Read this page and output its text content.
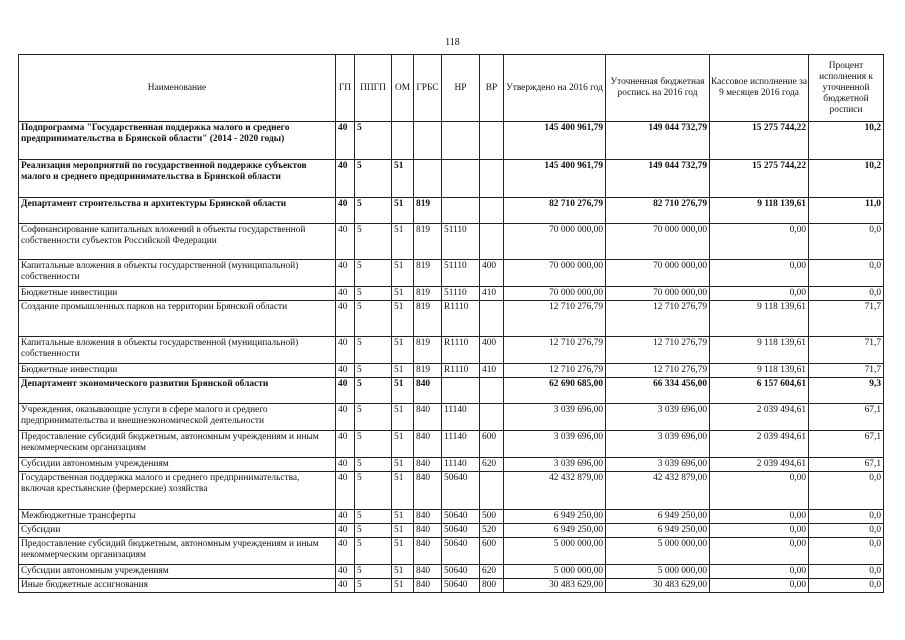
118
Наименование	ГП	ППГП	ОМ	ГРБС	НР	ВР	Утверждено на 2016 год	Уточненная бюджетная роспись на 2016 год	Кассовое исполнение за 9 месяцев 2016 года	Процент исполнения к уточненной бюджетной росписи
Подпрограмма "Государственная поддержка малого и среднего предпринимательства в Брянской области" (2014 - 2020 годы)	40	5					145 400 961,79	149 044 732,79	15 275 744,22	10,2
Реализация мероприятий по государственной поддержке субъектов малого и среднего предпринимательства в Брянской области	40	5	51				145 400 961,79	149 044 732,79	15 275 744,22	10,2
Департамент строительства и архитектуры Брянской области	40	5	51	819			82 710 276,79	82 710 276,79	9 118 139,61	11,0
Софинансирование капитальных вложений в объекты государственной собственности субъектов Российской Федерации	40	5	51	819	51110		70 000 000,00	70 000 000,00	0,00	0,0
Капитальные вложения в объекты государственной (муниципальной) собственности	40	5	51	819	51110	400	70 000 000,00	70 000 000,00	0,00	0,0
Бюджетные инвестиции	40	5	51	819	51110	410	70 000 000,00	70 000 000,00	0,00	0,0
Создание промышленных парков на территории Брянской области	40	5	51	819	R1110		12 710 276,79	12 710 276,79	9 118 139,61	71,7
Капитальные вложения в объекты государственной (муниципальной) собственности	40	5	51	819	R1110	400	12 710 276,79	12 710 276,79	9 118 139,61	71,7
Бюджетные инвестиции	40	5	51	819	R1110	410	12 710 276,79	12 710 276,79	9 118 139,61	71,7
Департамент экономического развития Брянской области	40	5	51	840			62 690 685,00	66 334 456,00	6 157 604,61	9,3
Учреждения, оказывающие услуги в сфере малого и среднего предпринимательства и внешнеэкономической деятельности	40	5	51	840	11140		3 039 696,00	3 039 696,00	2 039 494,61	67,1
Предоставление субсидий бюджетным, автономным учреждениям и иным некоммерческим организациям	40	5	51	840	11140	600	3 039 696,00	3 039 696,00	2 039 494,61	67,1
Субсидии автономным учреждениям	40	5	51	840	11140	620	3 039 696,00	3 039 696,00	2 039 494,61	67,1
Государственная поддержка малого и среднего предпринимательства, включая крестьянские (фермерские) хозяйства	40	5	51	840	50640		42 432 879,00	42 432 879,00	0,00	0,0
Межбюджетные трансферты	40	5	51	840	50640	500	6 949 250,00	6 949 250,00	0,00	0,0
Субсидии	40	5	51	840	50640	520	6 949 250,00	6 949 250,00	0,00	0,0
Предоставление субсидий бюджетным, автономным учреждениям и иным некоммерческим организациям	40	5	51	840	50640	600	5 000 000,00	5 000 000,00	0,00	0,0
Субсидии автономным учреждениям	40	5	51	840	50640	620	5 000 000,00	5 000 000,00	0,00	0,0
Иные бюджетные ассигнования	40	5	51	840	50640	800	30 483 629,00	30 483 629,00	0,00	0,0
